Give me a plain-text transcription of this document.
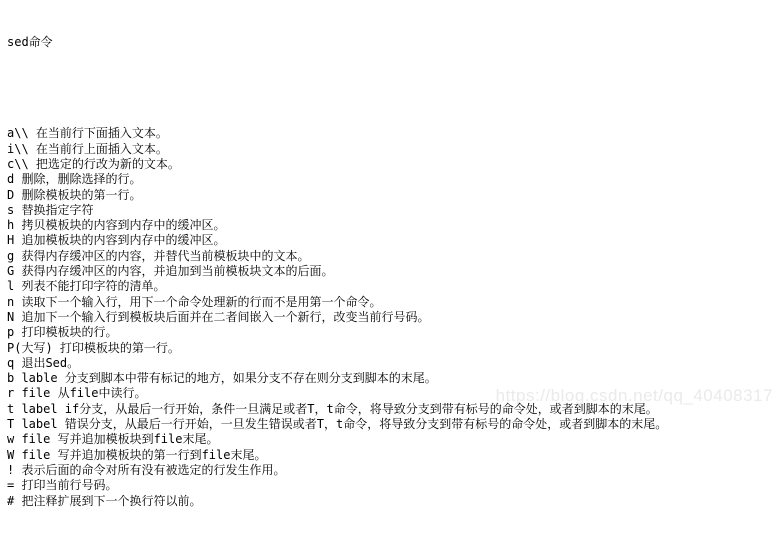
sed命令

a\\ 在当前行下面插入文本。
i\\ 在当前行上面插入文本。
c\\ 把选定的行改为新的文本。
d 删除，删除选择的行。
D 删除模板块的第一行。
s 替换指定字符
h 拷贝模板块的内容到内存中的缓冲区。
H 追加模板块的内容到内存中的缓冲区。
g 获得内存缓冲区的内容，并替代当前模板块中的文本。
G 获得内存缓冲区的内容，并追加到当前模板块文本的后面。
l 列表不能打印字符的清单。
n 读取下一个输入行，用下一个命令处理新的行而不是用第一个命令。
N 追加下一个输入行到模板块后面并在二者间嵌入一个新行，改变当前行号码。
p 打印模板块的行。
P(大写) 打印模板块的第一行。
q 退出Sed。
b lable 分支到脚本中带有标记的地方，如果分支不存在则分支到脚本的末尾。
r file 从file中读行。
t label if分支，从最后一行开始，条件一旦满足或者T，t命令，将导致分支到带有标号的命令处，或者到脚本的末尾。
T label 错误分支，从最后一行开始，一旦发生错误或者T，t命令，将导致分支到带有标号的命令处，或者到脚本的末尾。
w file 写并追加模板块到file末尾。
W file 写并追加模板块的第一行到file末尾。
! 表示后面的命令对所有没有被选定的行发生作用。
= 打印当前行号码。
# 把注释扩展到下一个换行符以前。

https://blog.csdn.net/qq_40408317
